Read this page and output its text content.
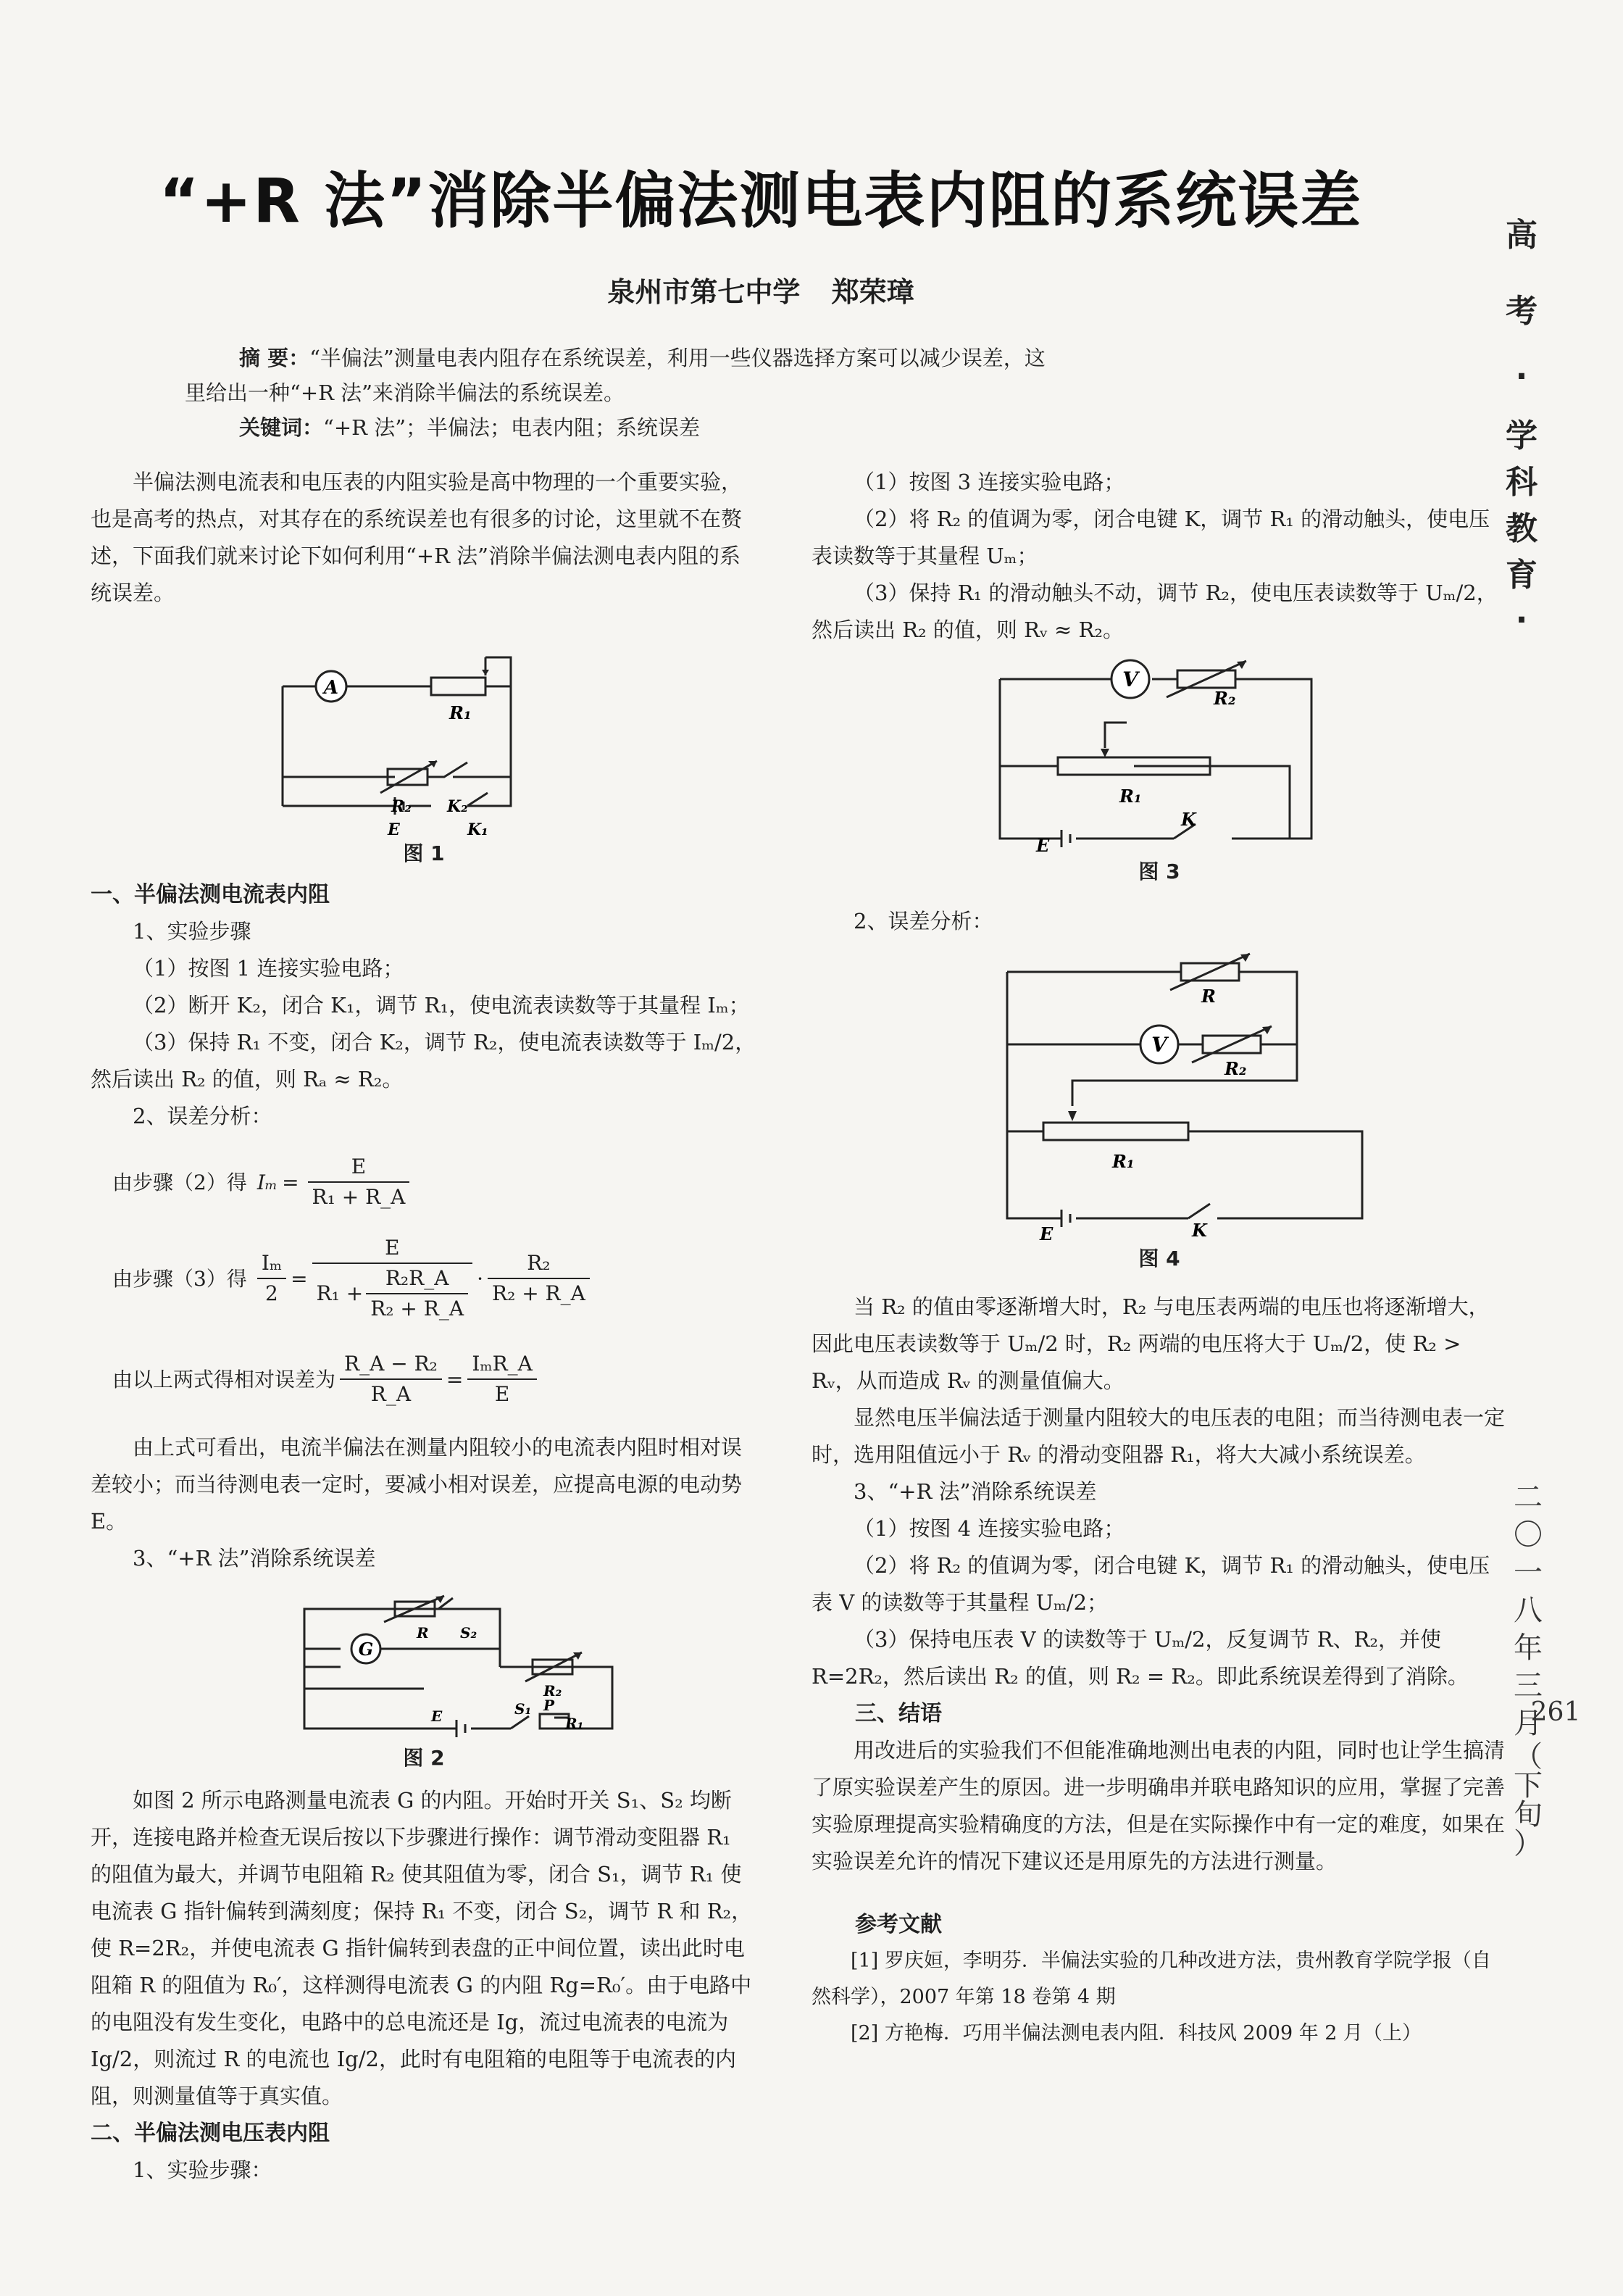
“+R 法”消除半偏法测电表内阻的系统误差
泉州市第七中学 郑荣璋
摘 要：“半偏法”测量电表内阻存在系统误差，利用一些仪器选择方案可以减少误差，这
里给出一种“+R 法”来消除半偏法的系统误差。
关键词：“+R 法”；半偏法；电表内阻；系统误差
高
考
·
学
科
教
育
·
二
〇
一
八
年
三
月
（
下
旬
）
261

半偏法测电流表和电压表的内阻实验是高中物理的一个重要实验，也是高考的热点，对其存在的系统误差也有很多的讨论，这里就不在赘述，下面我们就来讨论下如何利用“+R 法”消除半偏法测电表内阻的系统误差。

A
R₁
R₂ K₂
E	K₁
图 1

一、半偏法测电流表内阻

1、实验步骤

（1）按图 1 连接实验电路；

（2）断开 K₂，闭合 K₁，调节 R₁，使电流表读数等于其量程 Iₘ；

（3）保持 R₁ 不变，闭合 K₂，调节 R₂，使电流表读数等于 Iₘ/2，然后读出 R₂ 的值，则 Rₐ ≈ R₂。

2、误差分析：

由步骤（2）得 $I_m = \frac{E}{\text{R₁ + R\_A}}$
由步骤（3）得 $\frac{\text{Iₘ}}{2} = \frac{E}{R_1 + \frac{\text{R₂R\_A}}{\text{R₂ + R\_A}}} \cdot \frac{\text{R₂}}{\text{R₂ + R\_A}}$
由以上两式得相对误差为 $\frac{\text{R\_A − R₂}}{R\_A}$ =
IₘR_A
E

由上式可看出，电流半偏法在测量内阻较小的电流表内阻时相对误差较小；而当待测电表一定时，要减小相对误差，应提高电源的电动势 E。

3、“+R 法”消除系统误差

G
R S₂
R₂
E	S₁ P
R₁
图 2

如图 2 所示电路测量电流表 G 的内阻。开始时开关 S₁、S₂ 均断开，连接电路并检查无误后按以下步骤进行操作：调节滑动变阻器 R₁ 的阻值为最大，并调节电阻箱 R₂ 使其阻值为零，闭合 S₁，调节 R₁ 使电流表 G 指针偏转到满刻度；保持 R₁ 不变，闭合 S₂，调节 R 和 R₂，使 R=2R₂，并使电流表 G 指针偏转到表盘的正中间位置，读出此时电阻箱 R 的阻值为 R₀′，这样测得电流表 G 的内阻 Rg=R₀′。由于电路中的电阻没有发生变化，电路中的总电流还是 Ig，流过电流表的电流为 Ig/2，则流过 R 的电流也 Ig/2，此时有电阻箱的电阻等于电流表的内阻，则测量值等于真实值。

二、半偏法测电压表内阻

1、实验步骤：

（1）按图 3 连接实验电路；

（2）将 R₂ 的值调为零，闭合电键 K，调节 R₁ 的滑动触头，使电压表读数等于其量程 Uₘ；

（3）保持 R₁ 的滑动触头不动，调节 R₂，使电压表读数等于 Uₘ/2，然后读出 R₂ 的值，则 Rᵥ ≈ R₂。

V
R₂
R₁
E
K
图 3

2、误差分析：

V
R
R₂
R₁
E	K
图 4

当 R₂ 的值由零逐渐增大时，R₂ 与电压表两端的电压也将逐渐增大，因此电压表读数等于 Uₘ/2 时，R₂ 两端的电压将大于 Uₘ/2，使 R₂ > Rᵥ，从而造成 Rᵥ 的测量值偏大。

显然电压半偏法适于测量内阻较大的电压表的电阻；而当待测电表一定时，选用阻值远小于 Rᵥ 的滑动变阻器 R₁，将大大减小系统误差。

3、“+R 法”消除系统误差

（1）按图 4 连接实验电路；

（2）将 R₂ 的值调为零，闭合电键 K，调节 R₁ 的滑动触头，使电压表 V 的读数等于其量程 Uₘ/2；

（3）保持电压表 V 的读数等于 Uₘ/2，反复调节 R、R₂，并使 R=2R₂，然后读出 R₂ 的值，则 R₂ = R₂。即此系统误差得到了消除。

三、结语

用改进后的实验我们不但能准确地测出电表的内阻，同时也让学生搞清了原实验误差产生的原因。进一步明确串并联电路知识的应用，掌握了完善实验原理提高实验精确度的方法，但是在实际操作中有一定的难度，如果在实验误差允许的情况下建议还是用原先的方法进行测量。

参考文献

[1] 罗庆姮，李明芬．半偏法实验的几种改进方法，贵州教育学院学报（自然科学），2007 年第 18 卷第 4 期

[2] 方艳梅．巧用半偏法测电表内阻．科技风 2009 年 2 月（上）
